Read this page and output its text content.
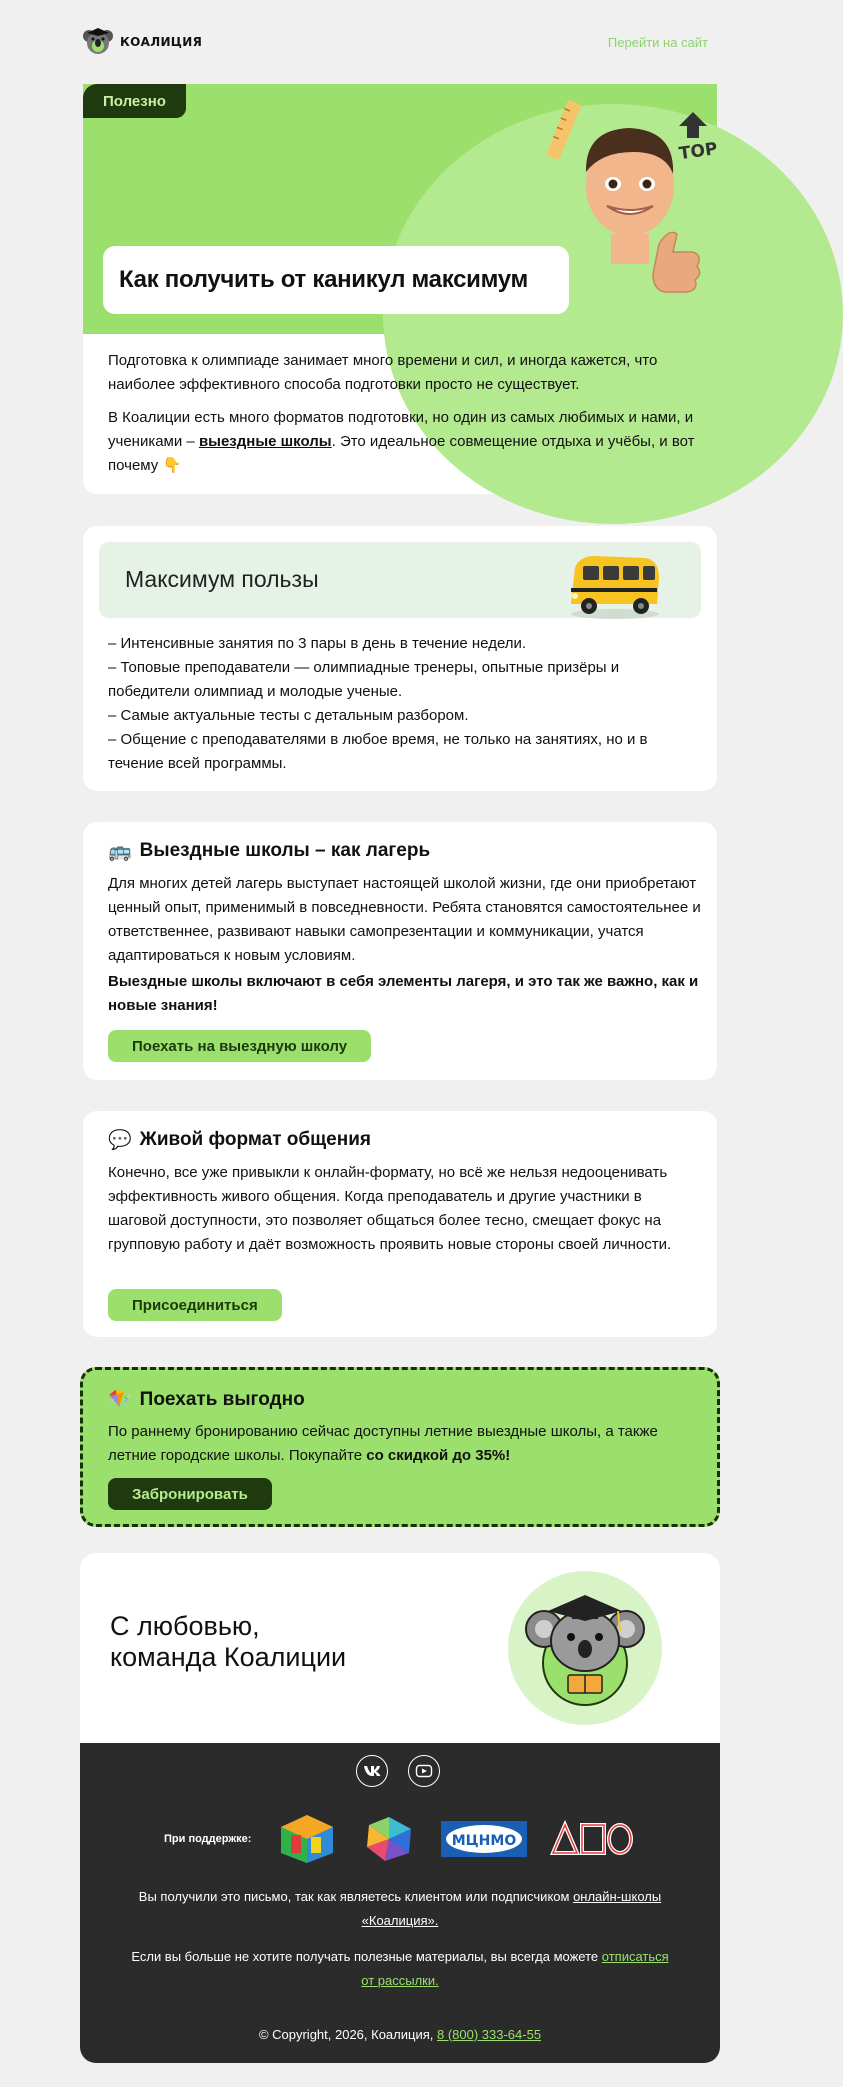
КОАЛИЦИЯ	Перейти на сайт
TOP
Полезно
Как получить от каникул максимум

Подготовка к олимпиаде занимает много времени и сил, и иногда кажется, что наиболее эффективного способа подготовки просто не существует.

В Коалиции есть много форматов подготовки, но один из самых любимых и нами, и учениками – выездные школы. Это идеальное совмещение отдыха и учёбы, и вот почему 👇

Максимум пользы
– Интенсивные занятия по 3 пары в день в течение недели.
– Топовые преподаватели — олимпиадные тренеры, опытные призёры и победители олимпиад и молодые ученые.
– Самые актуальные тесты с детальным разбором.
– Общение с преподавателями в любое время, не только на занятиях, но и в течение всей программы.
🚌 Выездные школы – как лагерь
Для многих детей лагерь выступает настоящей школой жизни, где они приобретают ценный опыт, применимый в повседневности. Ребята становятся самостоятельнее и ответственнее, развивают навыки самопрезентации и коммуникации, учатся адаптироваться к новым условиям.
Выездные школы включают в себя элементы лагеря, и это так же важно, как и новые знания!
Поехать на выездную школу
💬 Живой формат общения
Конечно, все уже привыкли к онлайн-формату, но всё же нельзя недооценивать эффективность живого общения. Когда преподаватель и другие участники в шаговой доступности, это позволяет общаться более тесно, смещает фокус на групповую работу и даёт возможность проявить новые стороны своей личности.
Присоединиться
🪁 Поехать выгодно
По раннему бронированию сейчас доступны летние выездные школы, а также летние городские школы. Покупайте со скидкой до 35%!
Забронировать
С любовью,
команда Коалиции
При поддержке:	МЦНМО
Вы получили это письмо, так как являетесь клиентом или подписчиком онлайн-школы «Коалиция».
Если вы больше не хотите получать полезные материалы, вы всегда можете отписаться от рассылки.
© Copyright, 2026, Коалиция, 8 (800) 333-64-55
